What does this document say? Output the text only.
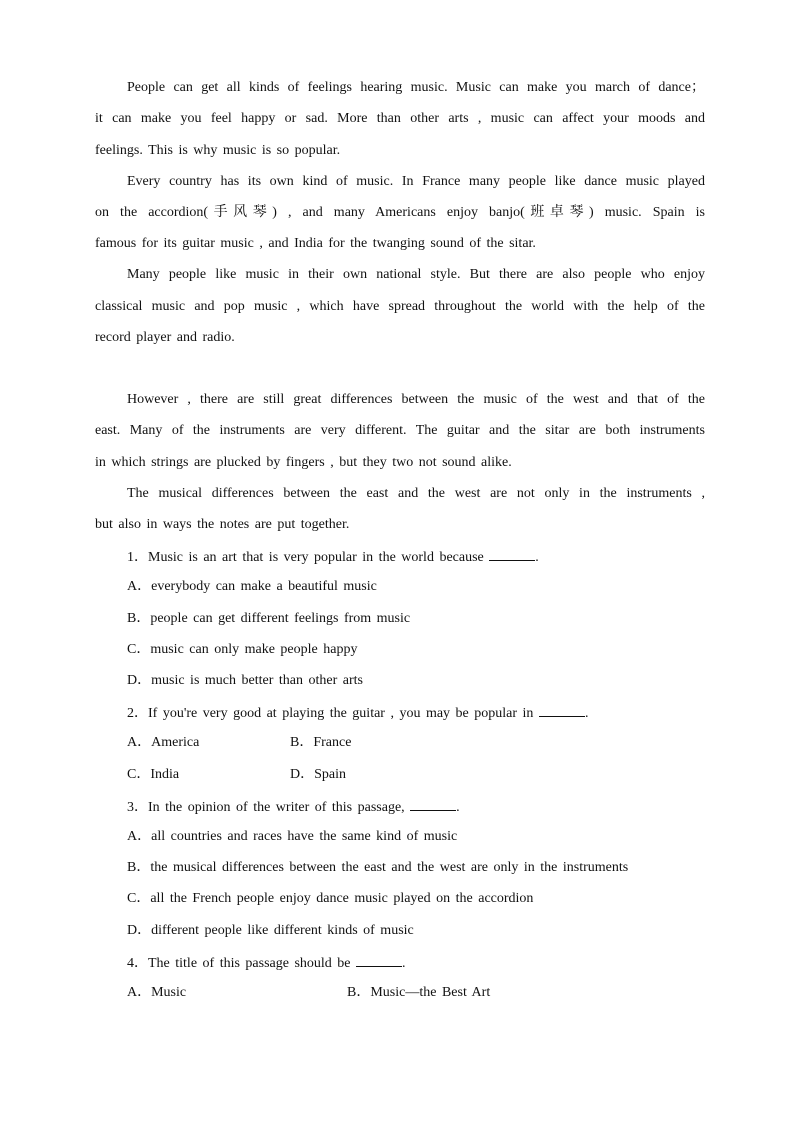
People can get all kinds of feelings hearing music. Music can make you march of dance；
it can make you feel happy or sad. More than other arts , music can affect your moods and
feelings. This is why music is so popular.
Every country has its own kind of music. In France many people like dance music played
on the accordion(手风琴) , and many Americans enjoy banjo(班卓琴) music. Spain is
famous for its guitar music , and India for the twanging sound of the sitar.
Many people like music in their own national style. But there are also people who enjoy
classical music and pop music , which have spread throughout the world with the help of the
record player and radio.
However , there are still great differences between the music of the west and that of the
east. Many of the instruments are very different. The guitar and the sitar are both instruments
in which strings are plucked by fingers , but they two not sound alike.
The musical differences between the east and the west are not only in the instruments ,
but also in ways the notes are put together.
1．Music is an art that is very popular in the world because	.
A．everybody can make a beautiful music
B．people can get different feelings from music
C．music can only make people happy
D．music is much better than other arts
2．If you're very good at playing the guitar , you may be popular in	.
A．America	B．France
C．India	D．Spain
3．In the opinion of the writer of this passage,	.
A．all countries and races have the same kind of music
B．the musical differences between the east and the west are only in the instruments
C．all the French people enjoy dance music played on the accordion
D．different people like different kinds of music
4．The title of this passage should be	.
A．Music	B．Music—the Best Art
